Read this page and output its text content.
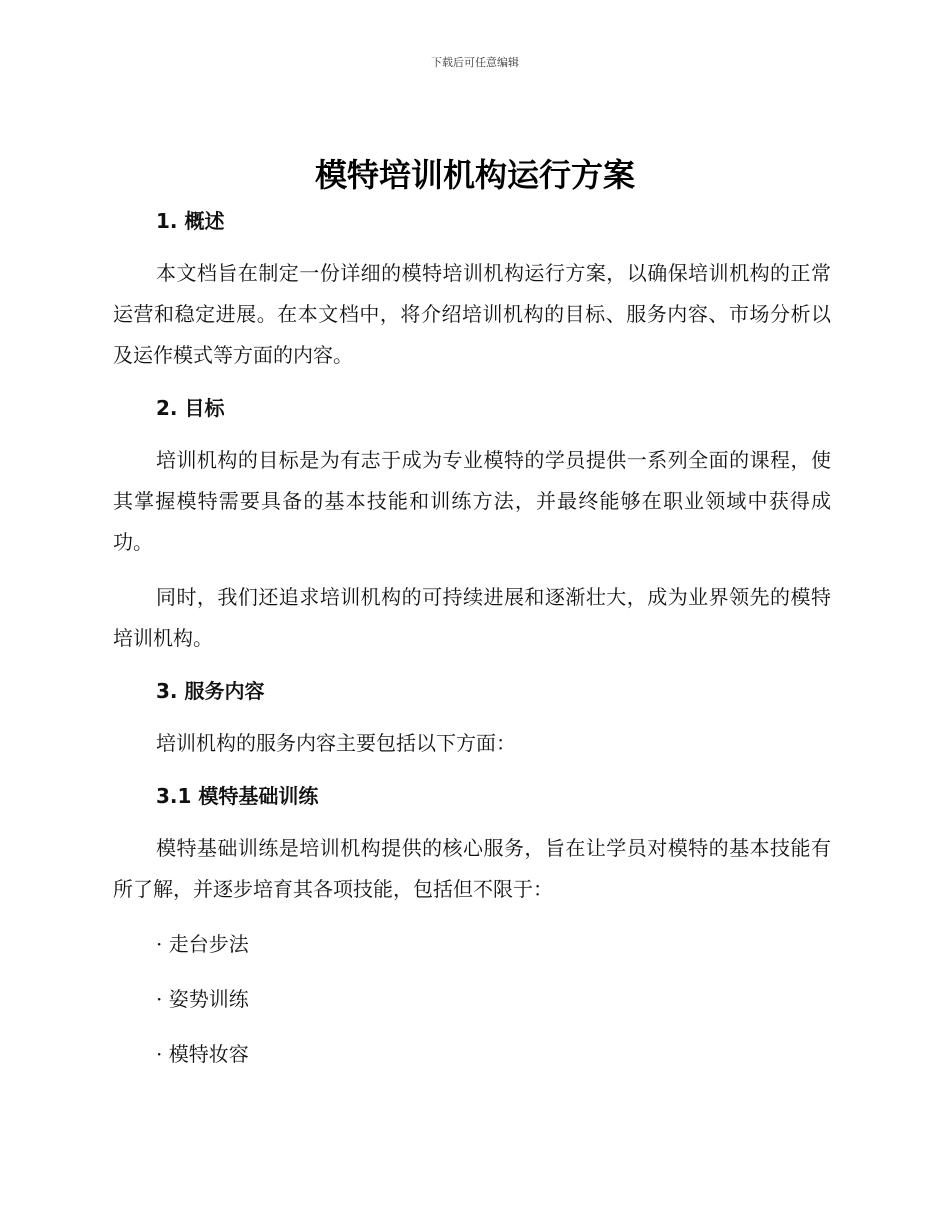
下载后可任意编辑
模特培训机构运行方案
1. 概述
本文档旨在制定一份详细的模特培训机构运行方案，以确保培训机构的正常运营和稳定进展。在本文档中，将介绍培训机构的目标、服务内容、市场分析以及运作模式等方面的内容。
2. 目标
培训机构的目标是为有志于成为专业模特的学员提供一系列全面的课程，使其掌握模特需要具备的基本技能和训练方法，并最终能够在职业领域中获得成功。
同时，我们还追求培训机构的可持续进展和逐渐壮大，成为业界领先的模特培训机构。
3. 服务内容
培训机构的服务内容主要包括以下方面：
3.1 模特基础训练
模特基础训练是培训机构提供的核心服务，旨在让学员对模特的基本技能有所了解，并逐步培育其各项技能，包括但不限于：
· 走台步法
· 姿势训练
· 模特妆容
